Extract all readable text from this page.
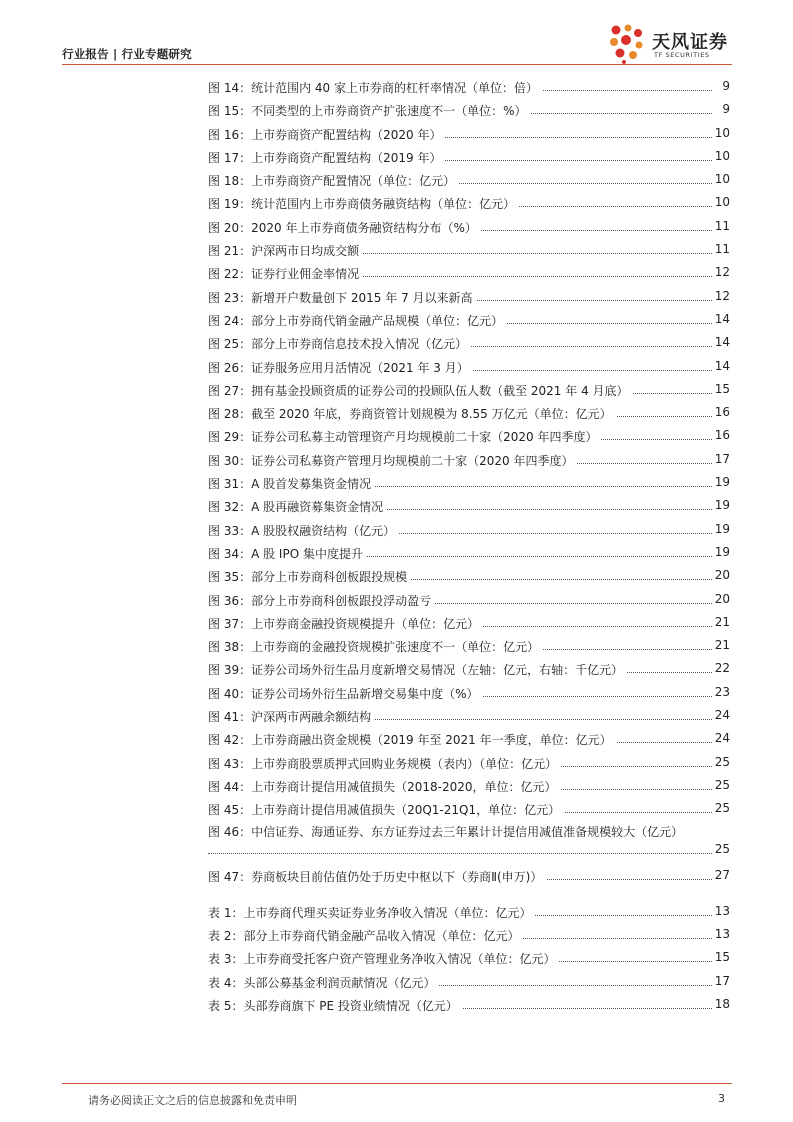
行业报告 | 行业专题研究
天风证券
TF SECURITIES
图 14：统计范围内 40 家上市券商的杠杆率情况（单位：倍）	9
图 15：不同类型的上市券商资产扩张速度不一（单位：%）	9
图 16：上市券商资产配置结构（2020 年）	10
图 17：上市券商资产配置结构（2019 年）	10
图 18：上市券商资产配置情况（单位：亿元）	10
图 19：统计范围内上市券商债务融资结构（单位：亿元）	10
图 20：2020 年上市券商债务融资结构分布（%）	11
图 21：沪深两市日均成交额	11
图 22：证券行业佣金率情况	12
图 23：新增开户数量创下 2015 年 7 月以来新高	12
图 24：部分上市券商代销金融产品规模（单位：亿元）	14
图 25：部分上市券商信息技术投入情况（亿元）	14
图 26：证券服务应用月活情况（2021 年 3 月）	14
图 27：拥有基金投顾资质的证券公司的投顾队伍人数（截至 2021 年 4 月底）	15
图 28：截至 2020 年底，券商资管计划规模为 8.55 万亿元（单位：亿元）	16
图 29：证券公司私募主动管理资产月均规模前二十家（2020 年四季度）	16
图 30：证券公司私募资产管理月均规模前二十家（2020 年四季度）	17
图 31：A 股首发募集资金情况	19
图 32：A 股再融资募集资金情况	19
图 33：A 股股权融资结构（亿元）	19
图 34：A 股 IPO 集中度提升	19
图 35：部分上市券商科创板跟投规模	20
图 36：部分上市券商科创板跟投浮动盈亏	20
图 37：上市券商金融投资规模提升（单位：亿元）	21
图 38：上市券商的金融投资规模扩张速度不一（单位：亿元）	21
图 39：证券公司场外衍生品月度新增交易情况（左轴：亿元，右轴：千亿元）	22
图 40：证券公司场外衍生品新增交易集中度（%）	23
图 41：沪深两市两融余额结构	24
图 42：上市券商融出资金规模（2019 年至 2021 年一季度，单位：亿元）	24
图 43：上市券商股票质押式回购业务规模（表内）（单位：亿元）	25
图 44：上市券商计提信用减值损失（2018-2020，单位：亿元）	25
图 45：上市券商计提信用减值损失（20Q1-21Q1，单位：亿元）	25
图 46：中信证券、海通证券、东方证券过去三年累计计提信用减值准备规模较大（亿元）
25
图 47：券商板块目前估值仍处于历史中枢以下（券商Ⅱ(申万)）	27
表 1：上市券商代理买卖证券业务净收入情况（单位：亿元）	13
表 2：部分上市券商代销金融产品收入情况（单位：亿元）	13
表 3：上市券商受托客户资产管理业务净收入情况（单位：亿元）	15
表 4：头部公募基金利润贡献情况（亿元）	17
表 5：头部券商旗下 PE 投资业绩情况（亿元）	18
请务必阅读正文之后的信息披露和免责申明	3
